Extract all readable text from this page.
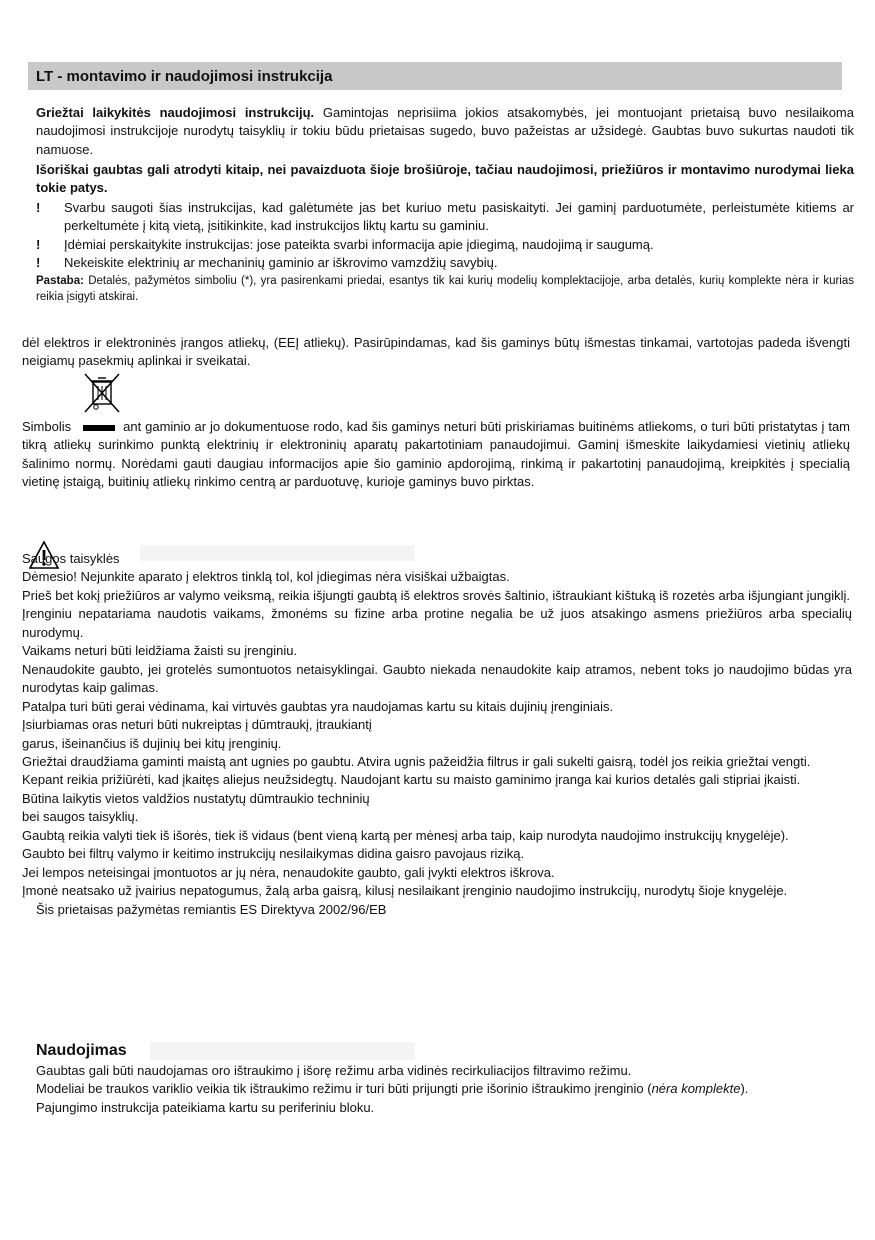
LT - montavimo ir naudojimosi instrukcija
Griežtai laikykitės naudojimosi instrukcijų. Gamintojas neprisiima jokios atsakomybės, jei montuojant prietaisą buvo nesilaikoma naudojimosi instrukcijoje nurodytų taisyklių ir tokiu būdu prietaisas sugedo, buvo pažeistas ar užsidegė. Gaubtas buvo sukurtas naudoti tik namuose.
Išoriškai gaubtas gali atrodyti kitaip, nei pavaizduota šioje brošiūroje, tačiau naudojimosi, priežiūros ir montavimo nurodymai lieka tokie patys.
!	Svarbu saugoti šias instrukcijas, kad galėtumėte jas bet kuriuo metu pasiskaityti. Jei gaminį parduotumėte, perleistumėte kitiems ar perkeltumėte į kitą vietą, įsitikinkite, kad instrukcijos liktų kartu su gaminiu.
!	Įdėmiai perskaitykite instrukcijas: jose pateikta svarbi informacija apie įdiegimą, naudojimą ir saugumą.
!	Nekeiskite elektrinių ar mechaninių gaminio ar iškrovimo vamzdžių savybių.
Pastaba: Detalės, pažymėtos simboliu (*), yra pasirenkami priedai, esantys tik kai kurių modelių komplektacijoje, arba detalės, kurių komplekte nėra ir kurias reikia įsigyti atskirai.
dėl elektros ir elektroninės įrangos atliekų, (EEĮ atliekų). Pasirūpindamas, kad šis gaminys būtų išmestas tinkamai, vartotojas padeda išvengti neigiamų pasekmių aplinkai ir sveikatai.
Simbolis	ant gaminio ar jo dokumentuose rodo, kad šis gaminys neturi būti priskiriamas buitinėms atliekoms, o turi būti pristatytas į tam tikrą atliekų surinkimo punktą elektrinių ir elektroninių aparatų pakartotiniam panaudojimui. Gaminį išmeskite laikydamiesi vietinių atliekų šalinimo normų. Norėdami gauti daugiau informacijos apie šio gaminio apdorojimą, rinkimą ir pakartotinį panaudojimą, kreipkitės į specialią vietinę įstaigą, buitinių atliekų rinkimo centrą ar parduotuvę, kurioje gaminys buvo pirktas.

Saugos taisyklės

Dėmesio! Nejunkite aparato į elektros tinklą tol, kol įdiegimas nėra visiškai užbaigtas.

Prieš bet kokį priežiūros ar valymo veiksmą, reikia išjungti gaubtą iš elektros srovės šaltinio, ištraukiant kištuką iš rozetės arba išjungiant jungiklį.

Įrenginiu nepatariama naudotis vaikams, žmonėms su fizine arba protine negalia be už juos atsakingo asmens priežiūros arba specialių nurodymų.

Vaikams neturi būti leidžiama žaisti su įrenginiu.

Nenaudokite gaubto, jei grotelės sumontuotos netaisyklingai. Gaubto niekada nenaudokite kaip atramos, nebent toks jo naudojimo būdas yra nurodytas kaip galimas.

Patalpa turi būti gerai vėdinama, kai virtuvės gaubtas yra naudojamas kartu su kitais dujinių įrenginiais.

Įsiurbiamas oras neturi būti nukreiptas į dūmtraukį, įtraukiantį

garus, išeinančius iš dujinių bei kitų įrenginių.

Griežtai draudžiama gaminti maistą ant ugnies po gaubtu. Atvira ugnis pažeidžia filtrus ir gali sukelti gaisrą, todėl jos reikia griežtai vengti.

Kepant reikia prižiūrėti, kad įkaitęs aliejus neužsidegtų. Naudojant kartu su maisto gaminimo įranga kai kurios detalės gali stipriai įkaisti.

Būtina laikytis vietos valdžios nustatytų dūmtraukio techninių

bei saugos taisyklių.

Gaubtą reikia valyti tiek iš išorės, tiek iš vidaus (bent vieną kartą per mėnesį arba taip, kaip nurodyta naudojimo instrukcijų knygelėje).

Gaubto bei filtrų valymo ir keitimo instrukcijų nesilaikymas didina gaisro pavojaus riziką.

Jei lempos neteisingai įmontuotos ar jų nėra, nenaudokite gaubto, gali įvykti elektros iškrova.

Įmonė neatsako už įvairius nepatogumus, žalą arba gaisrą, kilusį nesilaikant įrenginio naudojimo instrukcijų, nurodytų šioje knygelėje.

Šis prietaisas pažymėtas remiantis ES Direktyva 2002/96/EB

Naudojimas

Gaubtas gali būti naudojamas oro ištraukimo į išorę režimu arba vidinės recirkuliacijos filtravimo režimu.

Modeliai be traukos variklio veikia tik ištraukimo režimu ir turi būti prijungti prie išorinio ištraukimo įrenginio (nėra komplekte).

Pajungimo instrukcija pateikiama kartu su periferiniu bloku.
